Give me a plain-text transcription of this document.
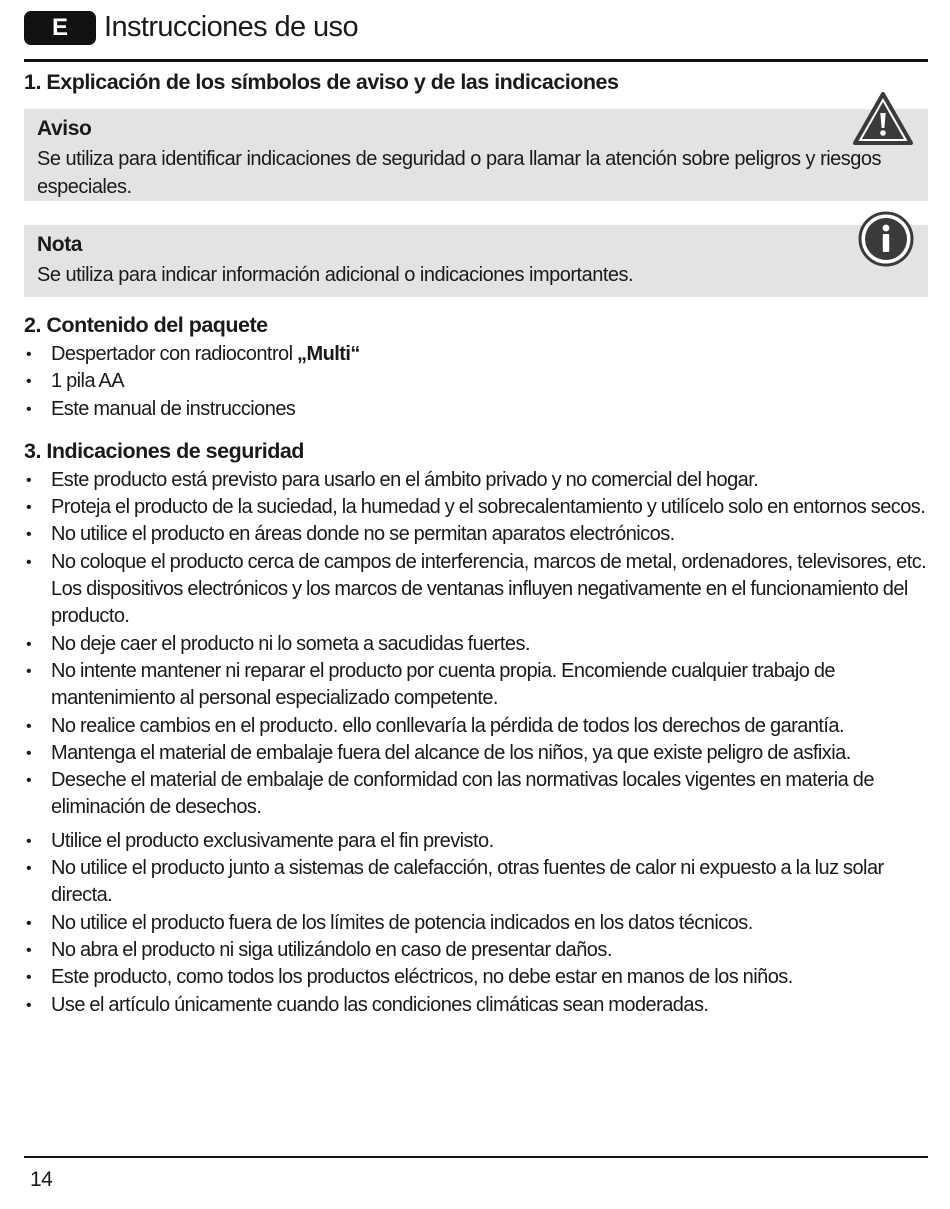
E	Instrucciones de uso
1. Explicación de los símbolos de aviso y de las indicaciones
Aviso
Se utiliza para identificar indicaciones de seguridad o para llamar la atención sobre peligros y riesgos especiales.
Nota
Se utiliza para indicar información adicional o indicaciones importantes.
2. Contenido del paquete
• Despertador con radiocontrol „Multi“
• 1 pila AA
• Este manual de instrucciones
3. Indicaciones de seguridad
• Este producto está previsto para usarlo en el ámbito privado y no comercial del hogar.
• Proteja el producto de la suciedad, la humedad y el sobrecalentamiento y utilícelo solo en entornos secos.
• No utilice el producto en áreas donde no se permitan aparatos electrónicos.
• No coloque el producto cerca de campos de interferencia, marcos de metal, ordenadores, televisores, etc. Los dispositivos electrónicos y los marcos de ventanas influyen negativamente en el funcionamiento del producto.
• No deje caer el producto ni lo someta a sacudidas fuertes.
• No intente mantener ni reparar el producto por cuenta propia. Encomiende cualquier trabajo de mantenimiento al personal especializado competente.
• No realice cambios en el producto. ello conllevaría la pérdida de todos los derechos de garantía.
• Mantenga el material de embalaje fuera del alcance de los niños, ya que existe peligro de asfixia.
• Deseche el material de embalaje de conformidad con las normativas locales vigentes en materia de eliminación de desechos.
• Utilice el producto exclusivamente para el fin previsto.
• No utilice el producto junto a sistemas de calefacción, otras fuentes de calor ni expuesto a la luz solar directa.
• No utilice el producto fuera de los límites de potencia indicados en los datos técnicos.
• No abra el producto ni siga utilizándolo en caso de presentar daños.
• Este producto, como todos los productos eléctricos, no debe estar en manos de los niños.
• Use el artículo únicamente cuando las condiciones climáticas sean moderadas.
14
